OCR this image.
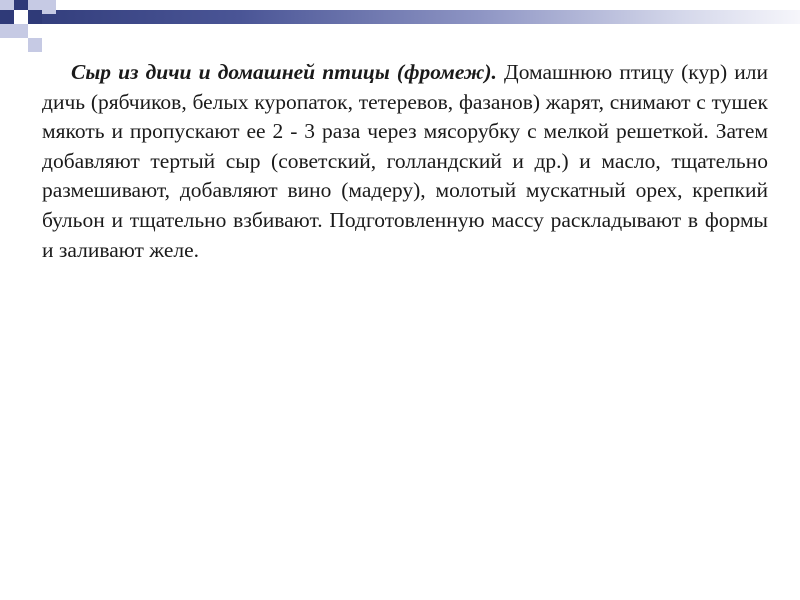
Сыр из дичи и домашней птицы (фромеж). Домашнюю птицу (кур) или дичь (рябчиков, белых куропаток, тетеревов, фазанов) жарят, снимают с тушек мякоть и пропускают ее 2 - 3 раза через мясорубку с мелкой решеткой. Затем добавляют тертый сыр (советский, голландский и др.) и масло, тщательно размешивают, добавляют вино (мадеру), молотый мускатный орех, крепкий бульон и тщательно взбивают. Подготовленную массу раскладывают в формы и заливают желе.
